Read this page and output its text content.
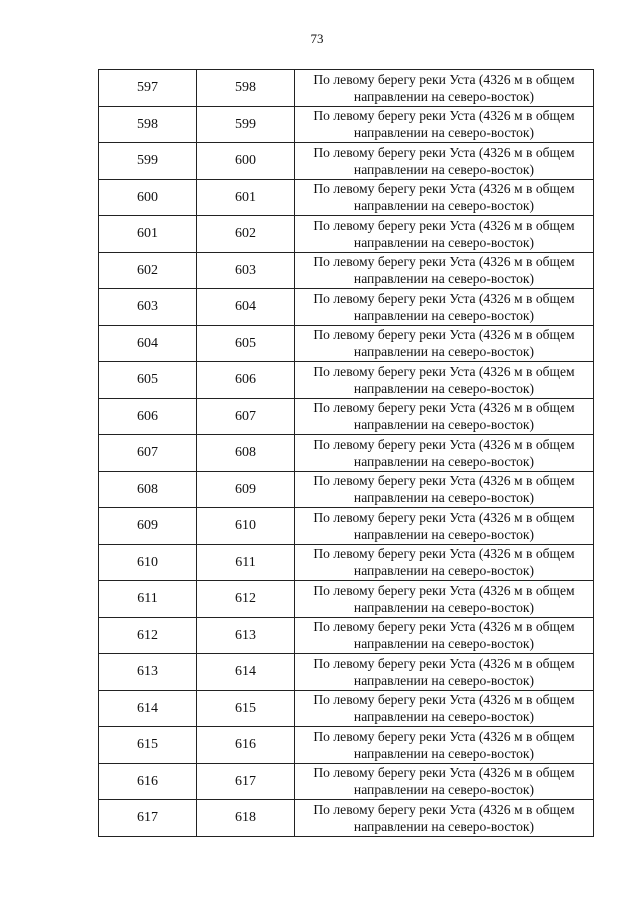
73
597	598	По левому берегу реки Уста (4326 м в общем
направлении на северо-восток)

598	599	По левому берегу реки Уста (4326 м в общем
направлении на северо-восток)

599	600	По левому берегу реки Уста (4326 м в общем
направлении на северо-восток)

600	601	По левому берегу реки Уста (4326 м в общем
направлении на северо-восток)

601	602	По левому берегу реки Уста (4326 м в общем
направлении на северо-восток)

602	603	По левому берегу реки Уста (4326 м в общем
направлении на северо-восток)

603	604	По левому берегу реки Уста (4326 м в общем
направлении на северо-восток)

604	605	По левому берегу реки Уста (4326 м в общем
направлении на северо-восток)

605	606	По левому берегу реки Уста (4326 м в общем
направлении на северо-восток)

606	607	По левому берегу реки Уста (4326 м в общем
направлении на северо-восток)

607	608	По левому берегу реки Уста (4326 м в общем
направлении на северо-восток)

608	609	По левому берегу реки Уста (4326 м в общем
направлении на северо-восток)

609	610	По левому берегу реки Уста (4326 м в общем
направлении на северо-восток)

610	611	По левому берегу реки Уста (4326 м в общем
направлении на северо-восток)

611	612	По левому берегу реки Уста (4326 м в общем
направлении на северо-восток)

612	613	По левому берегу реки Уста (4326 м в общем
направлении на северо-восток)

613	614	По левому берегу реки Уста (4326 м в общем
направлении на северо-восток)

614	615	По левому берегу реки Уста (4326 м в общем
направлении на северо-восток)

615	616	По левому берегу реки Уста (4326 м в общем
направлении на северо-восток)

616	617	По левому берегу реки Уста (4326 м в общем
направлении на северо-восток)

617	618	По левому берегу реки Уста (4326 м в общем
направлении на северо-восток)
